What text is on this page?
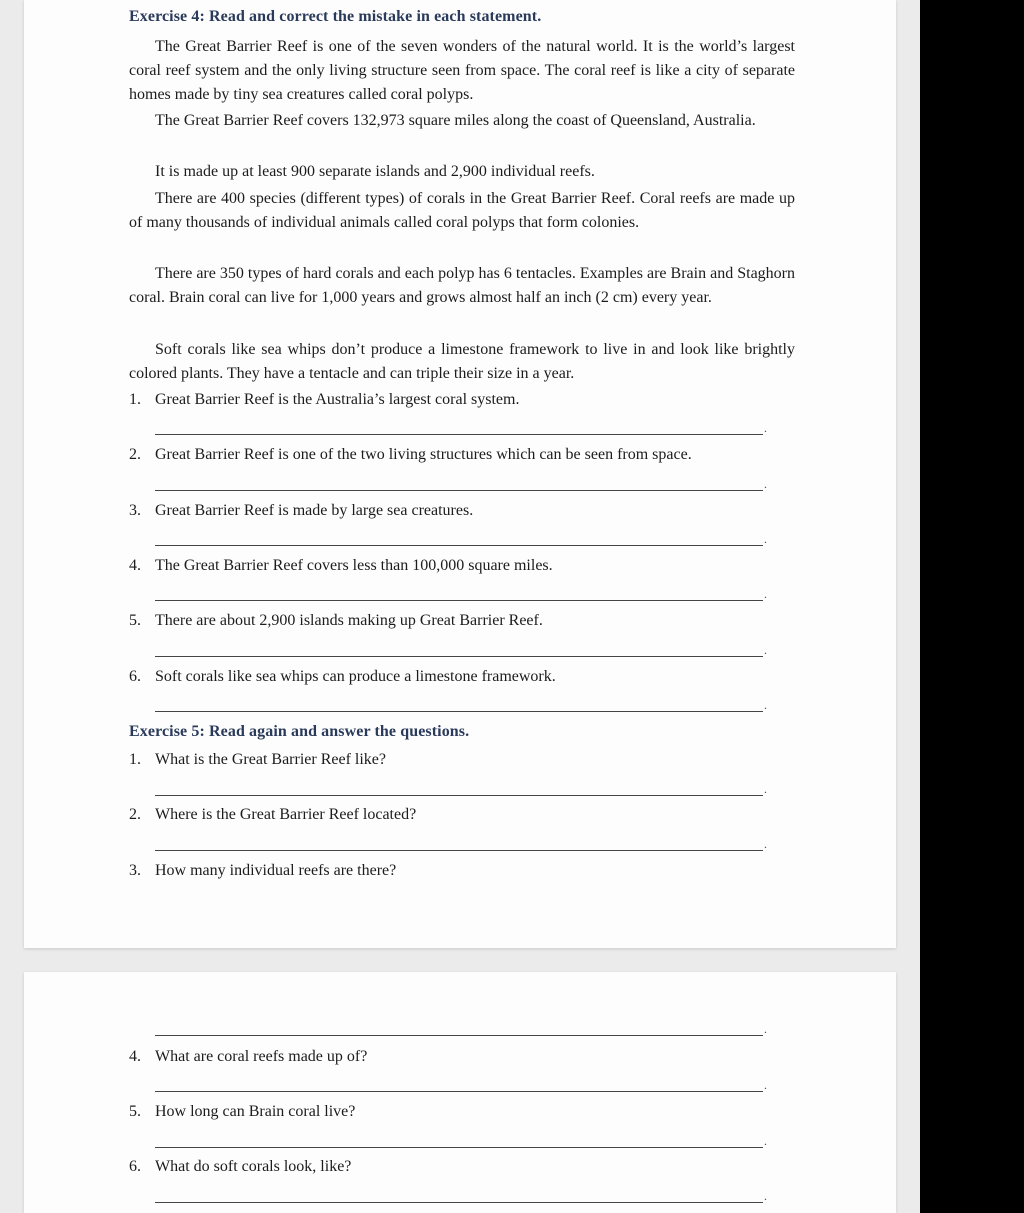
Exercise 4: Read and correct the mistake in each statement.

The Great Barrier Reef is one of the seven wonders of the natural world. It is the world’s largest coral reef system and the only living structure seen from space. The coral reef is like a city of separate homes made by tiny sea creatures called coral polyps.

The Great Barrier Reef covers 132,973 square miles along the coast of Queensland, Australia.

It is made up at least 900 separate islands and 2,900 individual reefs.

There are 400 species (different types) of corals in the Great Barrier Reef. Coral reefs are made up of many thousands of individual animals called coral polyps that form colonies.

There are 350 types of hard corals and each polyp has 6 tentacles. Examples are Brain and Staghorn coral. Brain coral can live for 1,000 years and grows almost half an inch (2 cm) every year.

Soft corals like sea whips don’t produce a limestone framework to live in and look like brightly colored plants. They have a tentacle and can triple their size in a year.

1. Great Barrier Reef is the Australia’s largest coral system.
.
2. Great Barrier Reef is one of the two living structures which can be seen from space.
.
3. Great Barrier Reef is made by large sea creatures.
.
4. The Great Barrier Reef covers less than 100,000 square miles.
.
5. There are about 2,900 islands making up Great Barrier Reef.
.
6. Soft corals like sea whips can produce a limestone framework.
.
Exercise 5: Read again and answer the questions.
1. What is the Great Barrier Reef like?
.
2. Where is the Great Barrier Reef located?
.
3. How many individual reefs are there?
.
4. What are coral reefs made up of?
.
5. How long can Brain coral live?
.
6. What do soft corals look, like?
.
